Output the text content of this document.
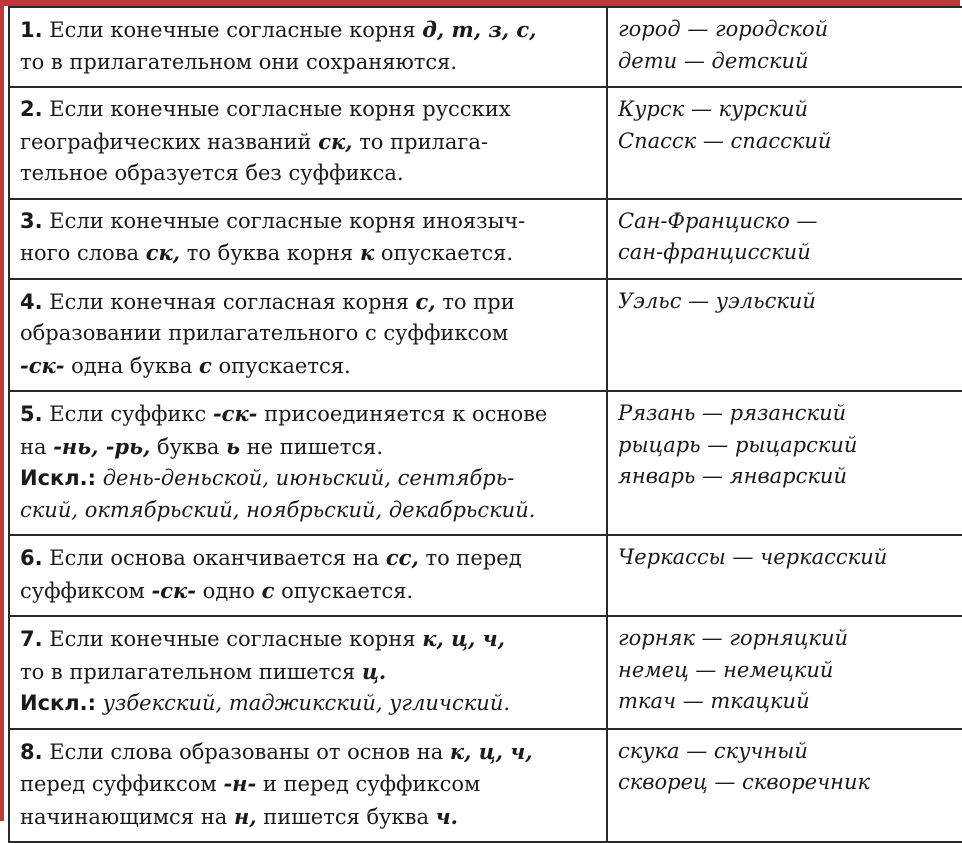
1. Если конечные согласные корня д, т, з, с,
то в прилагательном они сохраняются.	город — городской
дети — детский

2. Если конечные согласные корня русских
географических названий ск, то прилага-
тельное образуется без суффикса.	Курск — курский
Спасск — спасский

3. Если конечные согласные корня иноязыч-
ного слова ск, то буква корня к опускается.	Сан-Франциско —
сан-францисский

4. Если конечная согласная корня с, то при
образовании прилагательного с суффиксом
-ск- одна буква с опускается.	Уэльс — уэльский

5. Если суффикс -ск- присоединяется к основе
на -нь, -рь, буква ь не пишется.
Искл.: день-деньской, июньский, сентябрь-
ский, октябрьский, ноябрьский, декабрьский.	Рязань — рязанский
рыцарь — рыцарский
январь — январский

6. Если основа оканчивается на сс, то перед
суффиксом -ск- одно с опускается.	Черкассы — черкасский

7. Если конечные согласные корня к, ц, ч,
то в прилагательном пишется ц.
Искл.: узбекский, таджикский, угличский.	горняк — горняцкий
немец — немецкий
ткач — ткацкий

8. Если слова образованы от основ на к, ц, ч,
перед суффиксом -н- и перед суффиксом
начинающимся на н, пишется буква ч.	скука — скучный
скворец — скворечник
